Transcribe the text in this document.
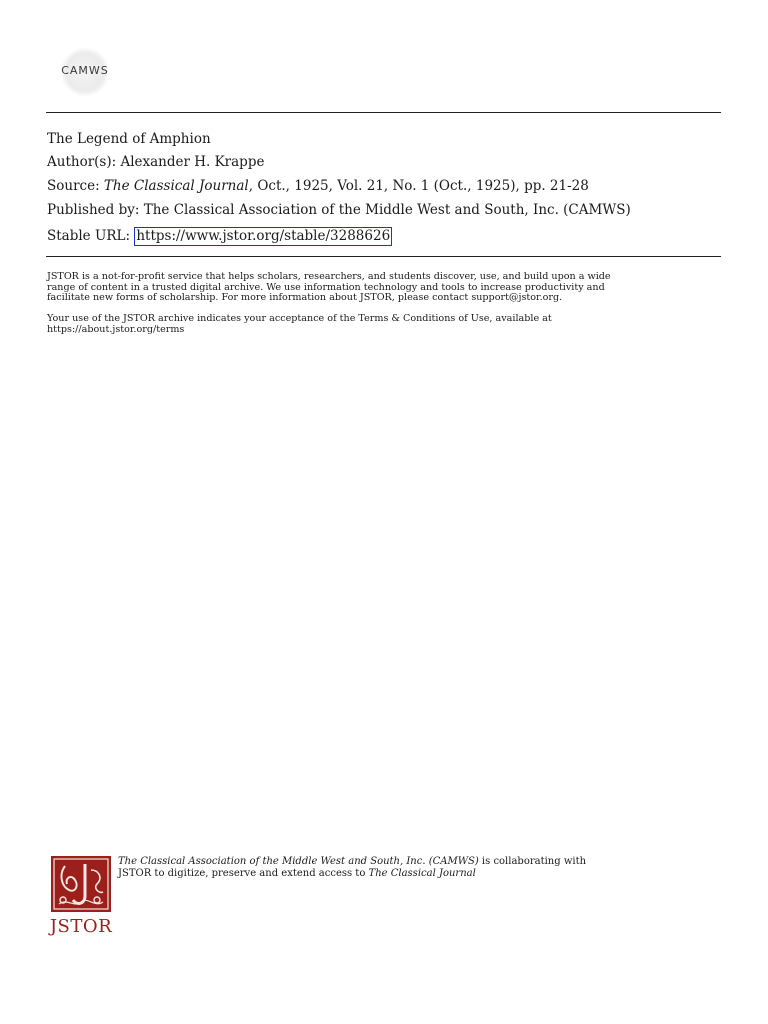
CAMWS
The Legend of Amphion
Author(s): Alexander H. Krappe
Source: The Classical Journal, Oct., 1925, Vol. 21, No. 1 (Oct., 1925), pp. 21-28
Published by: The Classical Association of the Middle West and South, Inc. (CAMWS)
Stable URL: https://www.jstor.org/stable/3288626
JSTOR is a not-for-profit service that helps scholars, researchers, and students discover, use, and build upon a wide
range of content in a trusted digital archive. We use information technology and tools to increase productivity and
facilitate new forms of scholarship. For more information about JSTOR, please contact support@jstor.org.
Your use of the JSTOR archive indicates your acceptance of the Terms & Conditions of Use, available at
https://about.jstor.org/terms
JSTOR
The Classical Association of the Middle West and South, Inc. (CAMWS) is collaborating with
JSTOR to digitize, preserve and extend access to The Classical Journal
